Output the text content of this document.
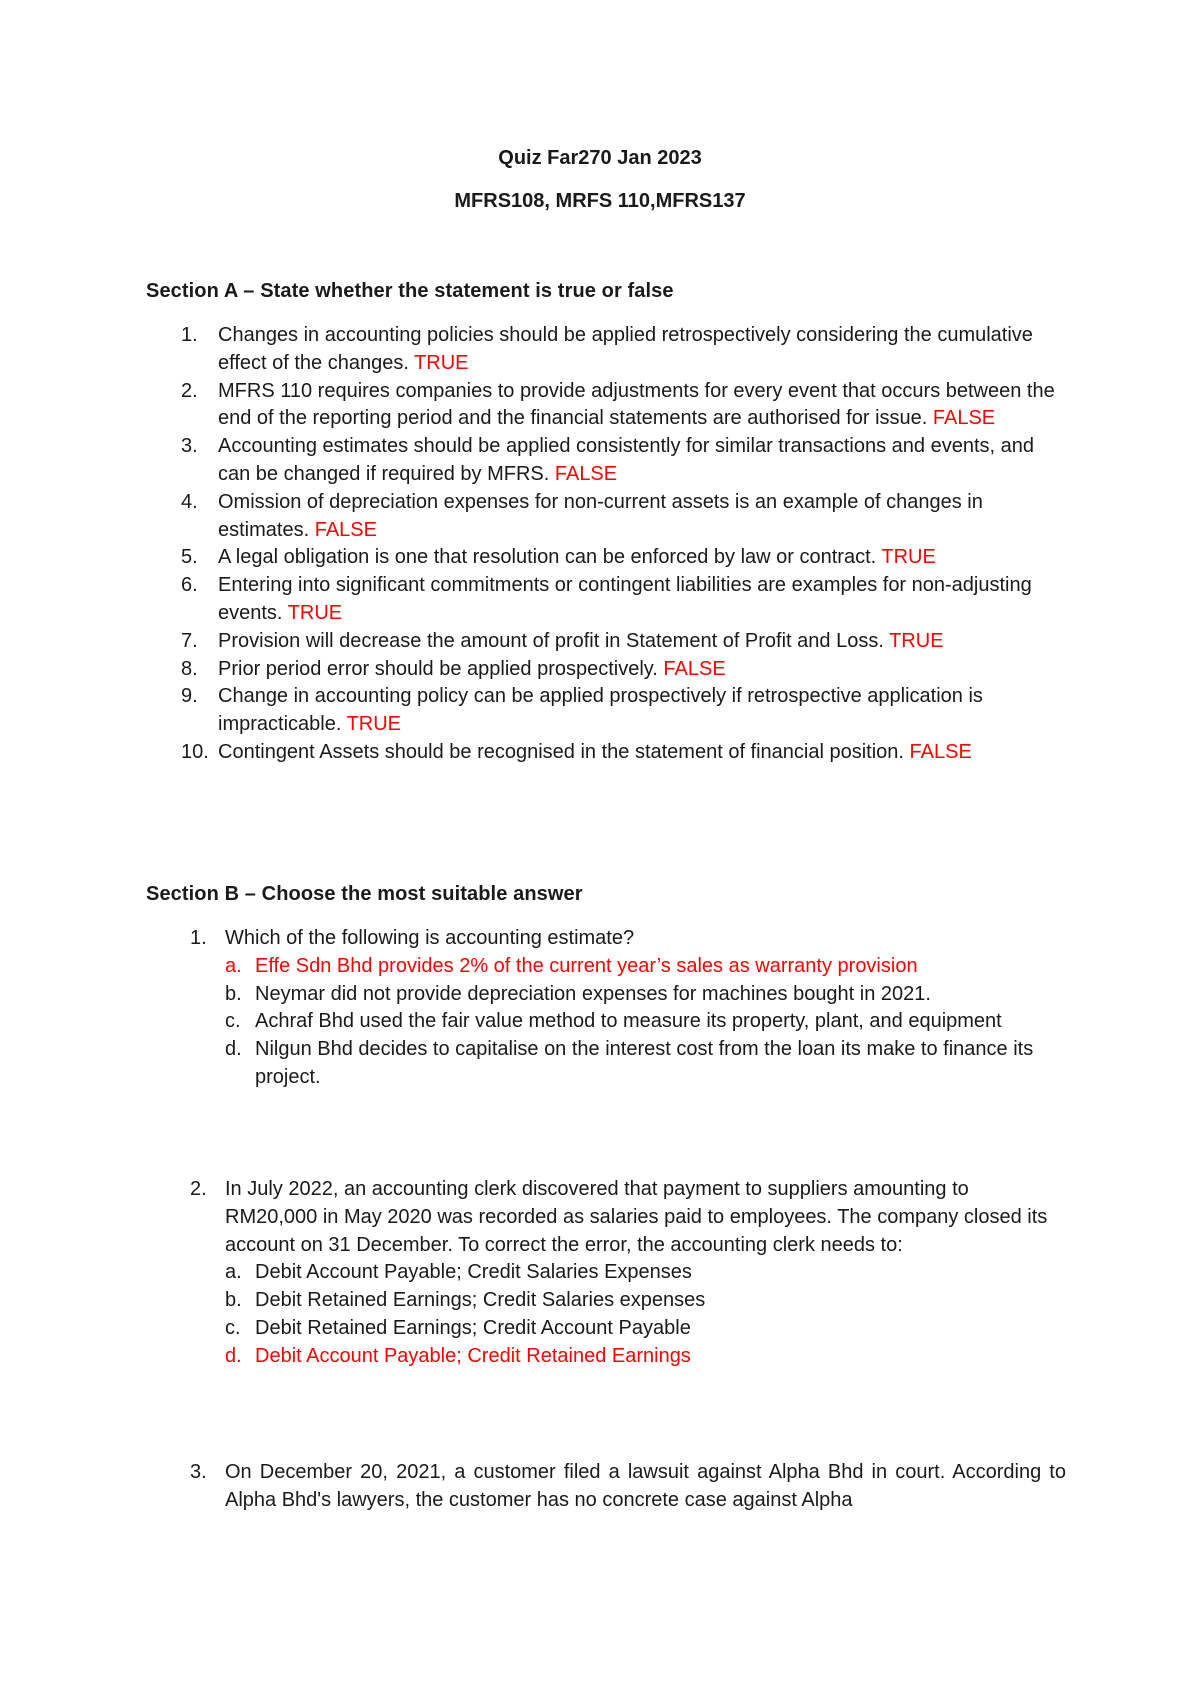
Quiz Far270 Jan 2023
MFRS108, MRFS 110,MFRS137
Section A – State whether the statement is true or false
1.	Changes in accounting policies should be applied retrospectively considering the cumulative effect of the changes. TRUE
2.	MFRS 110 requires companies to provide adjustments for every event that occurs between the end of the reporting period and the financial statements are authorised for issue. FALSE
3.	Accounting estimates should be applied consistently for similar transactions and events, and can be changed if required by MFRS. FALSE
4.	Omission of depreciation expenses for non-current assets is an example of changes in estimates. FALSE
5.	A legal obligation is one that resolution can be enforced by law or contract. TRUE
6.	Entering into significant commitments or contingent liabilities are examples for non-adjusting events. TRUE
7.	Provision will decrease the amount of profit in Statement of Profit and Loss. TRUE
8.	Prior period error should be applied prospectively. FALSE
9.	Change in accounting policy can be applied prospectively if retrospective application is impracticable. TRUE
10. Contingent Assets should be recognised in the statement of financial position. FALSE
Section B – Choose the most suitable answer
1. Which of the following is accounting estimate?
a. Effe Sdn Bhd provides 2% of the current year’s sales as warranty provision
b. Neymar did not provide depreciation expenses for machines bought in 2021.
c. Achraf Bhd used the fair value method to measure its property, plant, and equipment
d. Nilgun Bhd decides to capitalise on the interest cost from the loan its make to finance its project.
2. In July 2022, an accounting clerk discovered that payment to suppliers amounting to RM20,000 in May 2020 was recorded as salaries paid to employees. The company closed its account on 31 December. To correct the error, the accounting clerk needs to:
a. Debit Account Payable; Credit Salaries Expenses
b. Debit Retained Earnings; Credit Salaries expenses
c. Debit Retained Earnings; Credit Account Payable
d. Debit Account Payable; Credit Retained Earnings
3. On December 20, 2021, a customer filed a lawsuit against Alpha Bhd in court. According to Alpha Bhd's lawyers, the customer has no concrete case against Alpha
